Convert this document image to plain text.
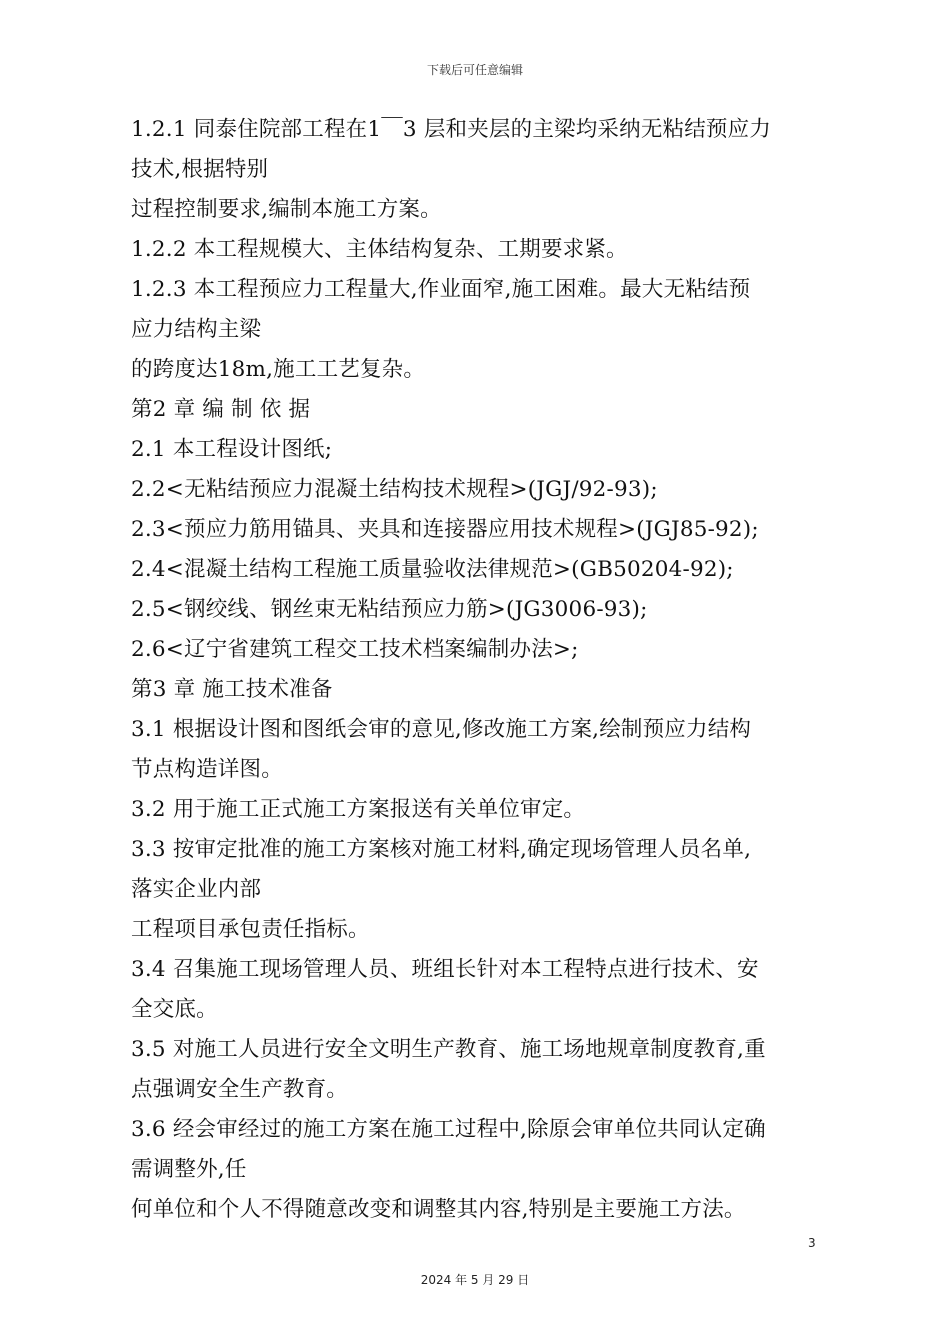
下载后可任意编辑
1.2.1 同泰住院部工程在1￣3 层和夹层的主梁均采纳无粘结预应力
技术,根据特别
过程控制要求,编制本施工方案。
1.2.2 本工程规模大、主体结构复杂、工期要求紧。
1.2.3 本工程预应力工程量大,作业面窄,施工困难。最大无粘结预
应力结构主梁
的跨度达18m,施工工艺复杂。
第2 章 编 制 依 据
2.1 本工程设计图纸;
2.2<无粘结预应力混凝土结构技术规程>(JGJ/92-93);
2.3<预应力筋用锚具、夹具和连接器应用技术规程>(JGJ85-92);
2.4<混凝土结构工程施工质量验收法律规范>(GB50204-92);
2.5<钢绞线、钢丝束无粘结预应力筋>(JG3006-93);
2.6<辽宁省建筑工程交工技术档案编制办法>;
第3 章 施工技术准备
3.1 根据设计图和图纸会审的意见,修改施工方案,绘制预应力结构
节点构造详图。
3.2 用于施工正式施工方案报送有关单位审定。
3.3 按审定批准的施工方案核对施工材料,确定现场管理人员名单,
落实企业内部
工程项目承包责任指标。
3.4 召集施工现场管理人员、班组长针对本工程特点进行技术、安
全交底。
3.5 对施工人员进行安全文明生产教育、施工场地规章制度教育,重
点强调安全生产教育。
3.6 经会审经过的施工方案在施工过程中,除原会审单位共同认定确
需调整外,任
何单位和个人不得随意改变和调整其内容,特别是主要施工方法。
3
2024 年 5 月 29 日
